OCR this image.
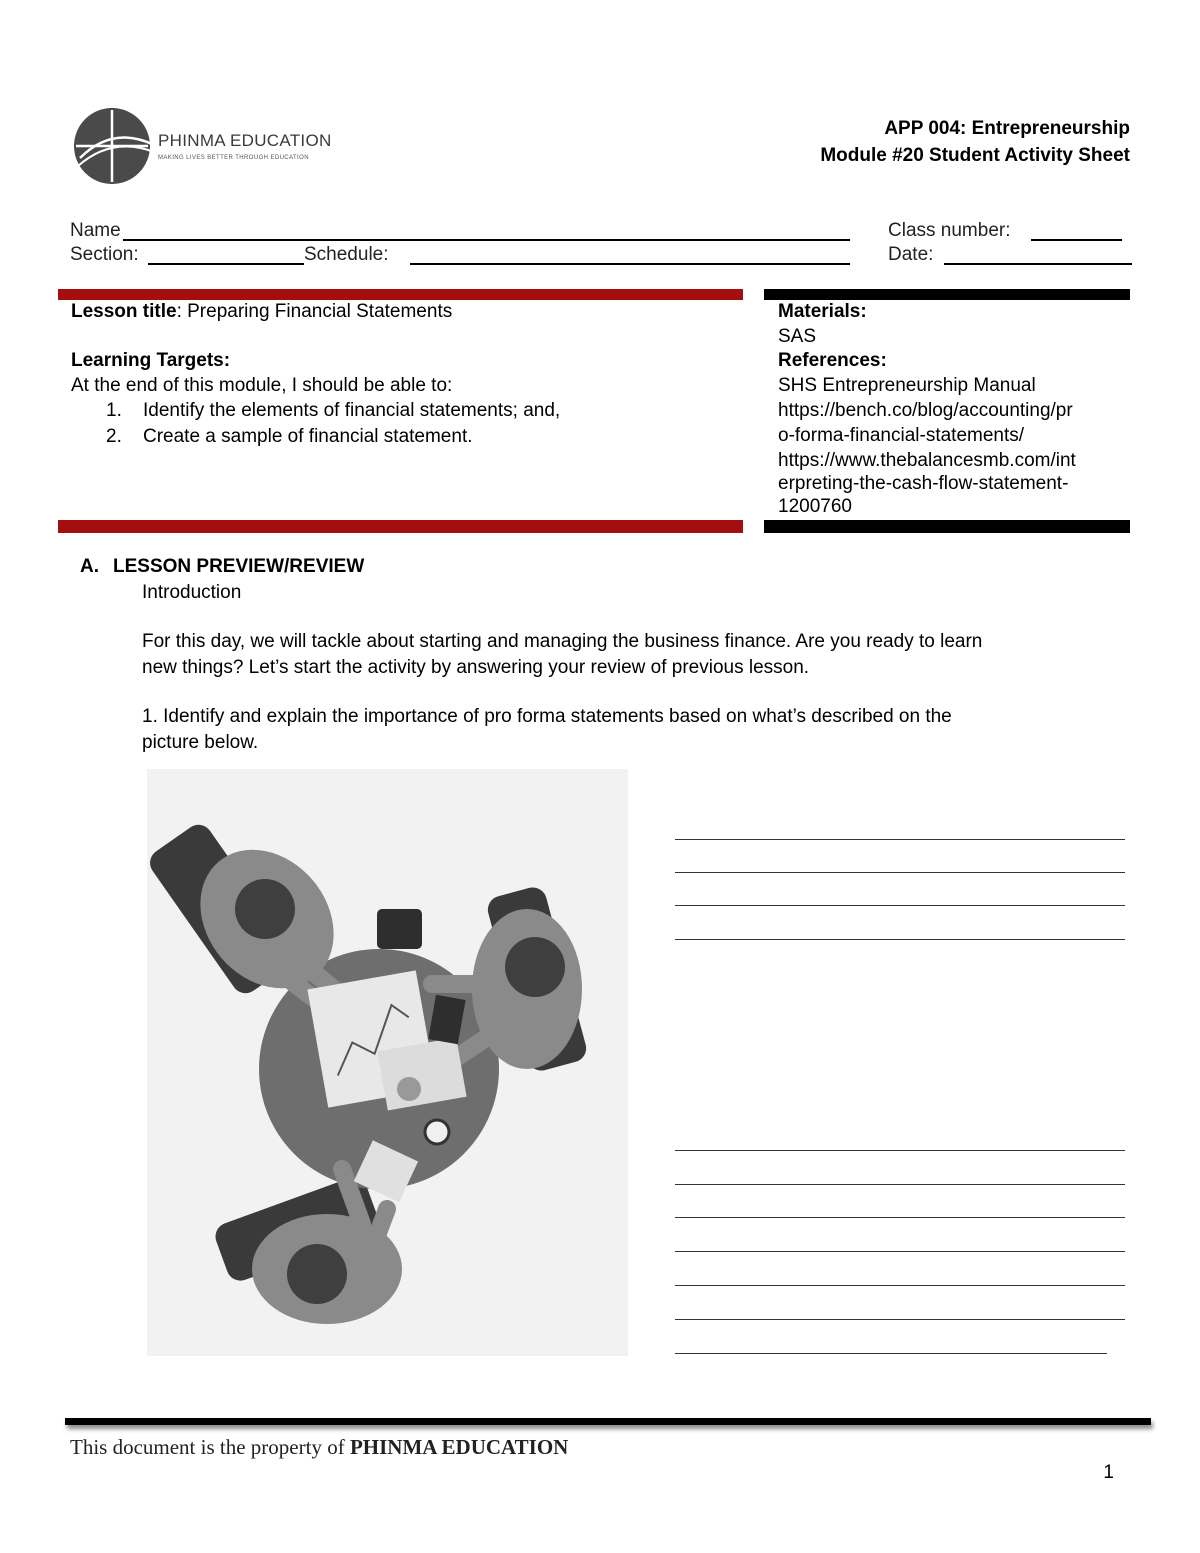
PHINMA EDUCATION
MAKING LIVES BETTER THROUGH EDUCATION
APP 004: Entrepreneurship
Module #20 Student Activity Sheet
Name	Class number:
Section:	Schedule:	Date:
Lesson title: Preparing Financial Statements
Learning Targets:
At the end of this module, I should be able to:
1. Identify the elements of financial statements; and,
2. Create a sample of financial statement.
Materials:
SAS
References:
SHS Entrepreneurship Manual
https://bench.co/blog/accounting/pr
o-forma-financial-statements/
https://www.thebalancesmb.com/int
erpreting-the-cash-flow-statement-
1200760
A. LESSON PREVIEW/REVIEW
Introduction
For this day, we will tackle about starting and managing the business finance. Are you ready to learn
new things? Let’s start the activity by answering your review of previous lesson.
1. Identify and explain the importance of pro forma statements based on what’s described on the
picture below.
This document is the property of PHINMA EDUCATION
1
